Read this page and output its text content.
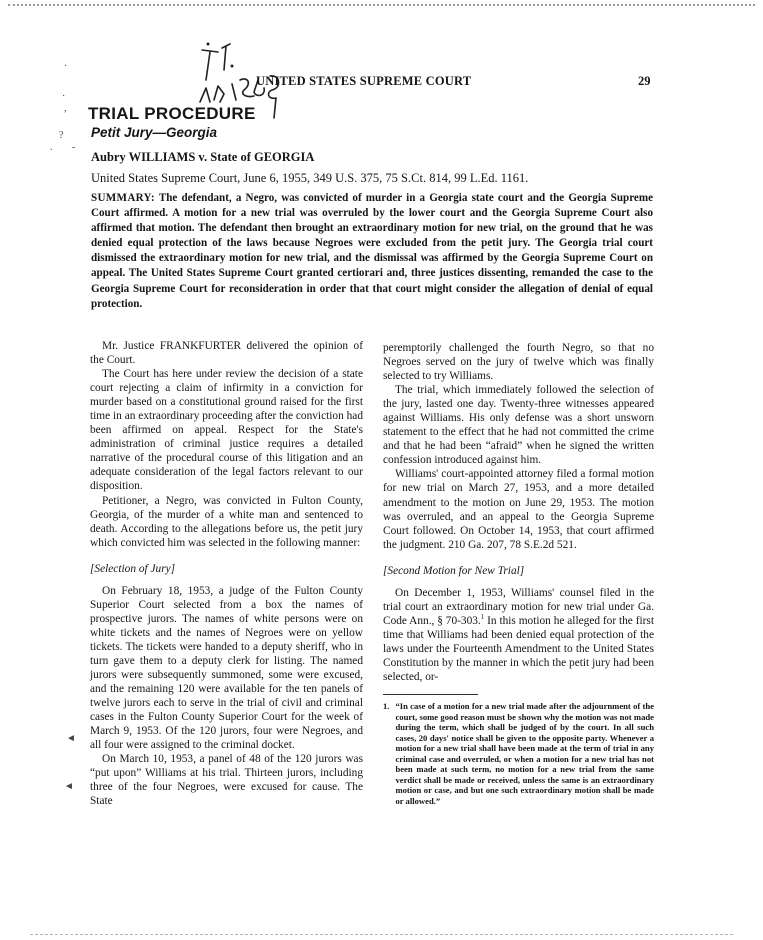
·
·
,
?
. -
◄
◄
UNITED STATES SUPREME COURT	29
TRIAL PROCEDURE
Petit Jury—Georgia
Aubry WILLIAMS v. State of GEORGIA
United States Supreme Court, June 6, 1955, 349 U.S. 375, 75 S.Ct. 814, 99 L.Ed. 1161.

SUMMARY: The defendant, a Negro, was convicted of murder in a Georgia state court and the Georgia Supreme Court affirmed. A motion for a new trial was overruled by the lower court and the Georgia Supreme Court also affirmed that motion. The defendant then brought an extraordinary motion for new trial, on the ground that he was denied equal protection of the laws because Negroes were excluded from the petit jury. The Georgia trial court dismissed the extraordinary motion for new trial, and the dismissal was affirmed by the Georgia Supreme Court on appeal. The United States Supreme Court granted certiorari and, three justices dissenting, remanded the case to the Georgia Supreme Court for reconsideration in order that that court might consider the allegation of denial of equal protection.

Mr. Justice FRANKFURTER delivered the opinion of the Court.

The Court has here under review the decision of a state court rejecting a claim of infirmity in a conviction for murder based on a constitutional ground raised for the first time in an extraordinary proceeding after the conviction had been affirmed on appeal. Respect for the State's administration of criminal justice requires a detailed narrative of the procedural course of this litigation and an adequate consideration of the legal factors relevant to our disposition.

Petitioner, a Negro, was convicted in Fulton County, Georgia, of the murder of a white man and sentenced to death. According to the allegations before us, the petit jury which convicted him was selected in the following manner:

[Selection of Jury]

On February 18, 1953, a judge of the Fulton County Superior Court selected from a box the names of prospective jurors. The names of white persons were on white tickets and the names of Negroes were on yellow tickets. The tickets were handed to a deputy sheriff, who in turn gave them to a deputy clerk for listing. The named jurors were subsequently summoned, some were excused, and the remaining 120 were available for the ten panels of twelve jurors each to serve in the trial of civil and criminal cases in the Fulton County Superior Court for the week of March 9, 1953. Of the 120 jurors, four were Negroes, and all four were assigned to the criminal docket.

On March 10, 1953, a panel of 48 of the 120 jurors was “put upon” Williams at his trial. Thirteen jurors, including three of the four Negroes, were excused for cause. The State

peremptorily challenged the fourth Negro, so that no Negroes served on the jury of twelve which was finally selected to try Williams.

The trial, which immediately followed the selection of the jury, lasted one day. Twenty-three witnesses appeared against Williams. His only defense was a short unsworn statement to the effect that he had not committed the crime and that he had been “afraid” when he signed the written confession introduced against him.

Williams' court-appointed attorney filed a formal motion for new trial on March 27, 1953, and a more detailed amendment to the motion on June 29, 1953. The motion was overruled, and an appeal to the Georgia Supreme Court followed. On October 14, 1953, that court affirmed the judgment. 210 Ga. 207, 78 S.E.2d 521.

[Second Motion for New Trial]

On December 1, 1953, Williams' counsel filed in the trial court an extraordinary motion for new trial under Ga. Code Ann., § 70-303.$^1$ In this motion he alleged for the first time that Williams had been denied equal protection of the laws under the Fourteenth Amendment to the United States Constitution by the manner in which the petit jury had been selected, or-

1. “In case of a motion for a new trial made after the adjournment of the court, some good reason must be shown why the motion was not made during the term, which shall be judged of by the court. In all such cases, 20 days' notice shall be given to the opposite party. Whenever a motion for a new trial shall have been made at the term of trial in any criminal case and overruled, or when a motion for a new trial has not been made at such term, no motion for a new trial from the same verdict shall be made or received, unless the same is an extraordinary motion or case, and but one such extraordinary motion shall be made or allowed.”
